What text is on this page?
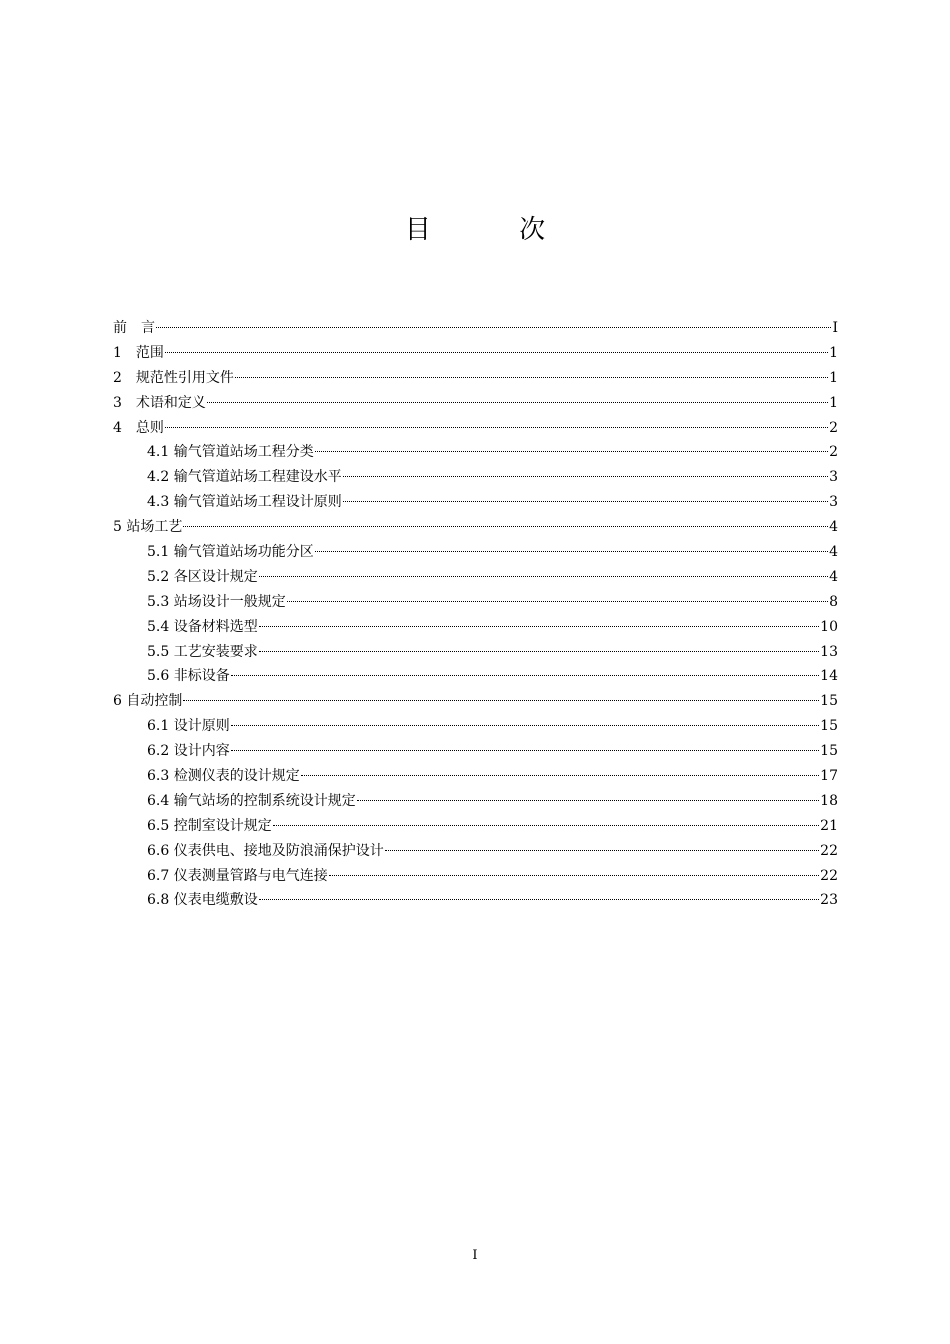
目 次
前　言	I
1　范围	1
2　规范性引用文件	1
3　术语和定义	1
4　总则	2
4.1 输气管道站场工程分类	2
4.2 输气管道站场工程建设水平	3
4.3 输气管道站场工程设计原则	3
5 站场工艺	4
5.1 输气管道站场功能分区	4
5.2 各区设计规定	4
5.3 站场设计一般规定	8
5.4 设备材料选型	10
5.5 工艺安装要求	13
5.6 非标设备	14
6 自动控制	15
6.1 设计原则	15
6.2 设计内容	15
6.3 检测仪表的设计规定	17
6.4 输气站场的控制系统设计规定	18
6.5 控制室设计规定	21
6.6 仪表供电、接地及防浪涌保护设计	22
6.7 仪表测量管路与电气连接	22
6.8 仪表电缆敷设	23
I
